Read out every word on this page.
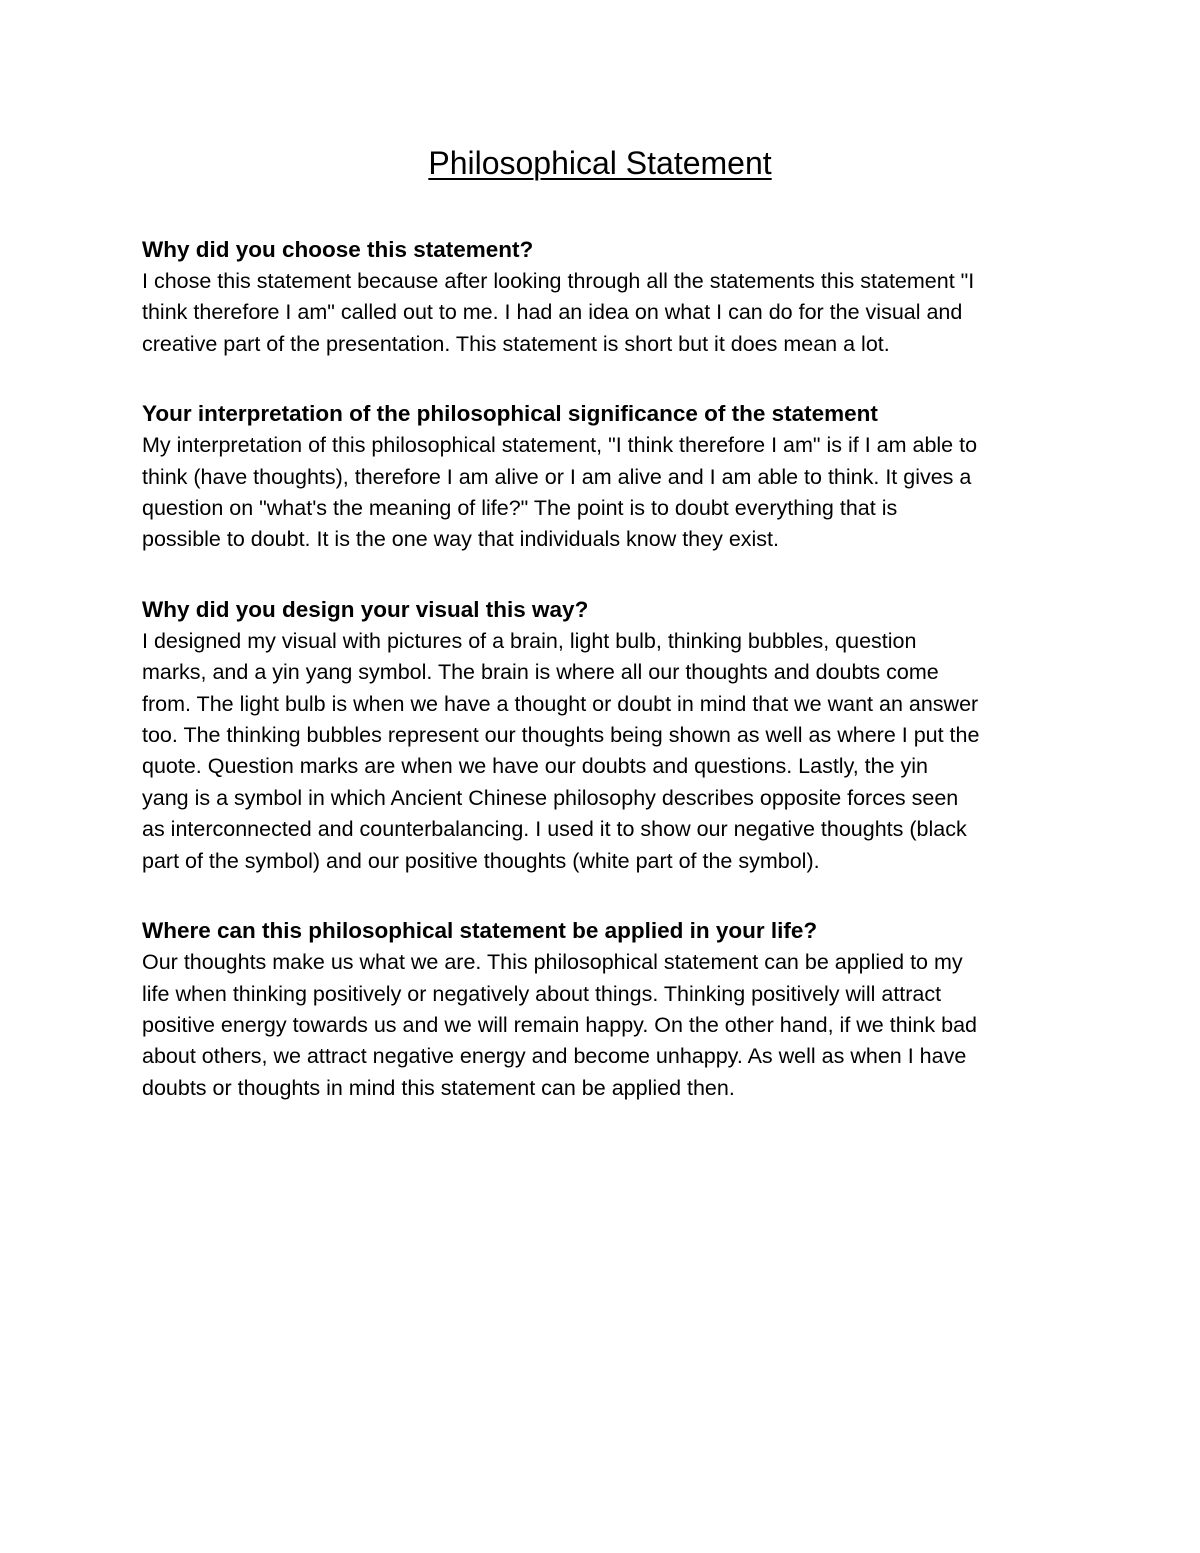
Philosophical Statement

Why did you choose this statement?

I chose this statement because after looking through all the statements this statement "I
think therefore I am" called out to me. I had an idea on what I can do for the visual and
creative part of the presentation. This statement is short but it does mean a lot.

Your interpretation of the philosophical significance of the statement

My interpretation of this philosophical statement, "I think therefore I am" is if I am able to
think (have thoughts), therefore I am alive or I am alive and I am able to think. It gives a
question on "what's the meaning of life?" The point is to doubt everything that is
possible to doubt. It is the one way that individuals know they exist.

Why did you design your visual this way?

I designed my visual with pictures of a brain, light bulb, thinking bubbles, question
marks, and a yin yang symbol. The brain is where all our thoughts and doubts come
from. The light bulb is when we have a thought or doubt in mind that we want an answer
too. The thinking bubbles represent our thoughts being shown as well as where I put the
quote. Question marks are when we have our doubts and questions. Lastly, the yin
yang is a symbol in which Ancient Chinese philosophy describes opposite forces seen
as interconnected and counterbalancing. I used it to show our negative thoughts (black
part of the symbol) and our positive thoughts (white part of the symbol).

Where can this philosophical statement be applied in your life?

Our thoughts make us what we are. This philosophical statement can be applied to my
life when thinking positively or negatively about things. Thinking positively will attract
positive energy towards us and we will remain happy. On the other hand, if we think bad
about others, we attract negative energy and become unhappy. As well as when I have
doubts or thoughts in mind this statement can be applied then.
